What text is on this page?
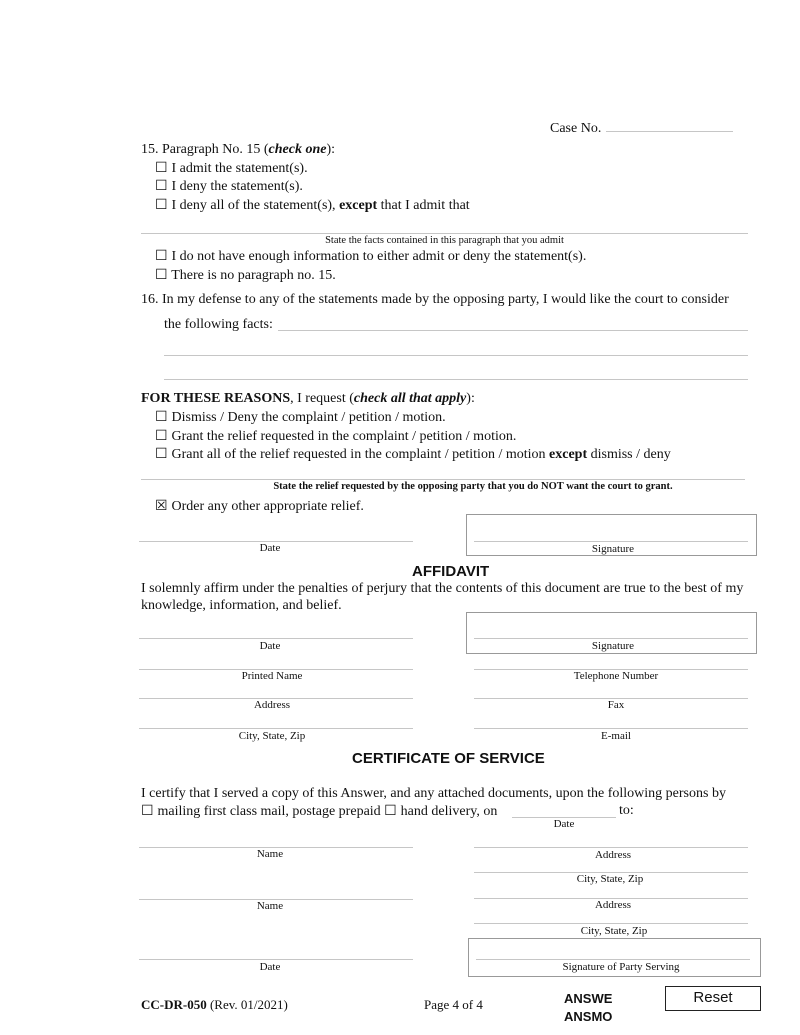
Case No.
15. Paragraph No. 15 (check one):
☐ I admit the statement(s).
☐ I deny the statement(s).
☐ I deny all of the statement(s), except that I admit that
State the facts contained in this paragraph that you admit
☐ I do not have enough information to either admit or deny the statement(s).
☐ There is no paragraph no. 15.
16. In my defense to any of the statements made by the opposing party, I would like the court to consider
the following facts:
FOR THESE REASONS, I request (check all that apply):
☐ Dismiss / Deny the complaint / petition / motion.
☐ Grant the relief requested in the complaint / petition / motion.
☐ Grant all of the relief requested in the complaint / petition / motion except dismiss / deny
State the relief requested by the opposing party that you do NOT want the court to grant.
☒ Order any other appropriate relief.
Date	Signature
AFFIDAVIT
I solemnly affirm under the penalties of perjury that the contents of this document are true to the best of my
knowledge, information, and belief.
Date	Signature
Printed Name	Telephone Number
Address	Fax
City, State, Zip	E-mail
CERTIFICATE OF SERVICE
I certify that I served a copy of this Answer, and any attached documents, upon the following persons by
☐ mailing first class mail, postage prepaid ☐ hand delivery, on	to:
Date
Name	Address
City, State, Zip
Name	Address
City, State, Zip
Date	Signature of Party Serving
CC-DR-050 (Rev. 01/2021)	Page 4 of 4	ANSWE
ANSMO
Reset
